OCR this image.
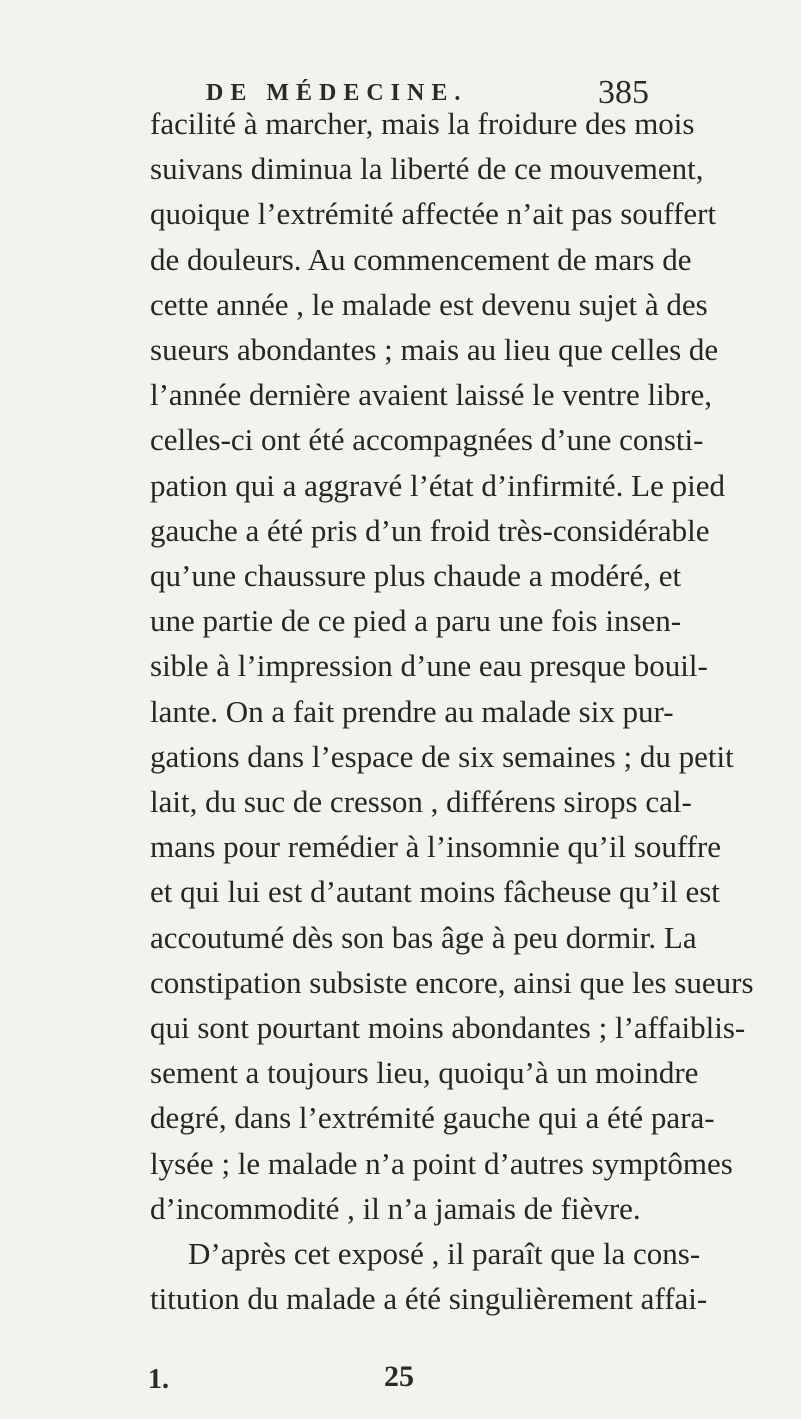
DE MÉDECINE.	385
facilité à marcher, mais la froidure des mois
suivans diminua la liberté de ce mouvement,
quoique l’extrémité affectée n’ait pas souffert
de douleurs. Au commencement de mars de
cette année , le malade est devenu sujet à des
sueurs abondantes ; mais au lieu que celles de
l’année dernière avaient laissé le ventre libre,
celles-ci ont été accompagnées d’une consti-
pation qui a aggravé l’état d’infirmité. Le pied
gauche a été pris d’un froid très-considérable
qu’une chaussure plus chaude a modéré, et
une partie de ce pied a paru une fois insen-
sible à l’impression d’une eau presque bouil-
lante. On a fait prendre au malade six pur-
gations dans l’espace de six semaines ; du petit
lait, du suc de cresson , différens sirops cal-
mans pour remédier à l’insomnie qu’il souffre
et qui lui est d’autant moins fâcheuse qu’il est
accoutumé dès son bas âge à peu dormir. La
constipation subsiste encore, ainsi que les sueurs
qui sont pourtant moins abondantes ; l’affaiblis-
sement a toujours lieu, quoiqu’à un moindre
degré, dans l’extrémité gauche qui a été para-
lysée ; le malade n’a point d’autres symptômes
d’incommodité , il n’a jamais de fièvre.
D’après cet exposé , il paraît que la cons-
titution du malade a été singulièrement affai-
1.	25
